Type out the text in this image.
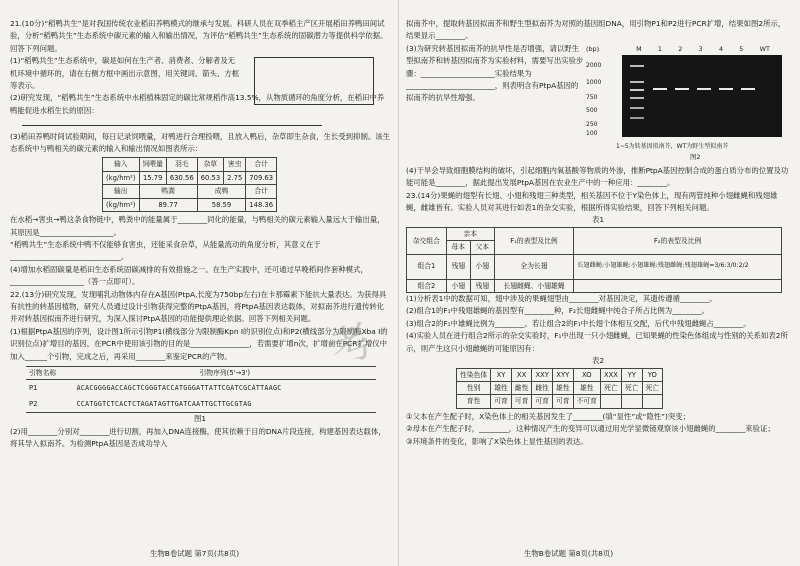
21.(10分)“稻鸭共生”是对我国传统农业稻田养鸭模式的继承与发展。科研人员在双季稻主产区开展稻田养鸭田间试验，分析“稻鸭共生”生态系统中碳元素的输入和输出情况，为评估“稻鸭共生”生态系统的固碳潜力等提供科学依据。回答下列问题。

(1)“稻鸭共生”生态系统中，碳是如何在生产者、消费者、分解者及无机环境中循环的，请在右侧方框中画出示意图，用关键词、箭头、方框等表示。

(2)研究发现，“稻鸭共生”生态系统中水稻植株固定的碳比常规稻作高13.5%，从物质循环的角度分析，在稻田中养鸭能促进水稻生长的原因：

(3)稻田养鸭时间试验期间，每日记录饲喂量，对鸭进行合理投喂，且放入鸭后，杂草即生杂食，生长受到抑制。该生态系统中与鸭相关的碳元素的输入和输出情况如图表所示：

输入	饲喂量	羽毛	杂草	害虫	合计
(kg/hm²)	15.79	630.56	60.53	2.75	709.63
输出	鸭粪		成鸭		合计
(kg/hm²)	89.77		58.59		148.36

在水稻→害虫→鸭这条食物链中，鸭粪中的能量属于________同化的能量，与鸭相关的碳元素输入量远大于输出量，其原因是____________________。

“稻鸭共生”生态系统中鸭不仅能够食害虫，还能采食杂草，从能量流动的角度分析，其意义在于______________________________。

(4)增加水稻固碳量是稻田生态系统固碳减排的有效措施之一。在生产实践中，还可通过早晚稻间作套种模式，____________________（答一点即可）。

22.(13分)研究发现，发现哺乳动物体内存在A基因(PtpA,长度为750bp左右)在卡那霉素下能抗大量表达。为获得具有抗性的转基因植物，研究人员通过设计引物获得完整的PtpA基因，将PtpA基因表达载体，对拟南芥进行遗传转化并对转基因拟南芥进行研究，为深入探讨PtpA基因的功能提供理论依据。回答下列相关问题。

(1)根据PtpA基因的序列，设计图1所示引物P1(横线部分为限制酶Kpn I的识别位点)和P2(横线部分为限制酶Xba I的识别位点)扩增目的基因，在PCR中使用该引物的目的是________________，若需要扩增n次，扩增前在PCR扩增仪中加入______个引物，完成之后，再采用________来鉴定PCR的产物。

引物名称	引物序列(5'→3')
P1	ACACGGGGACCAGCTCGGGTACCATGGGATTATTCGATCGCATTAAGC
P2	CCATGGTCTCACTCTAGATAGTTGATCAATTGCTTGCGTAG

图1

(2)用________分别对________进行切割，再加入DNA连接酶，使其依赖于目的DNA片段连接，构建基因表达载体，将其导入拟南芥。为检测PtpA基因是否成功导入

生物B卷试题 第7页(共8页)

拟南芥中，提取转基因拟南芥和野生型拟南芥为对照的基因组DNA，用引物P1和P2进行PCR扩增，结果如图2所示，结果显示________。

(3)为研究转基因拟南芥的抗旱性是否增强，请以野生型拟南芥和转基因拟南芥为实验材料，需要写出实验步骤：____________________实验结果为________________________，则表明含有PtpA基因的拟南芥的抗旱性增强。

(bp)	M	1	2	3	4	5	WT
2000
1000
750
500
250
100
1~5为转基因拟南芥，WT为野生型拟南芥
图2

(4)干旱会导致细胞膜结构的破坏，引起细胞内氧基酸等物质的外渗，推断PtpA基因控制合成的蛋白质分布的位置及功能可能是________，据此提出发展PtpA基因在农业生产中的一种应用：________。

23.(14分)果蝇的翅型有长翅、小翅和残翅三种类型，相关基因不位于Y染色体上，现有两管纯种小翅雌蝇和残翅雄蝇，雌雄皆有。实验人员对其进行如表1的杂交实验，根据所得实验结果，回答下列相关问题。

表1

杂交组合	亲本		F₁的表型及比例	F₂的表型及比例
	母本	父本		
组合1	残翅	小翅	全为长翅	长翅雌蝇:小翅雄蝇:小翅雄蝇:残翅雌蝇:残翅雄蝇=3/6:3/0:2/2
组合2	小翅	残翅	长翅雌蝇、小翅雄蝇	

(1)分析表1中的数据可知，翅中涉及的果蝇翅型由________对基因决定，其遗传遵循________。

(2)组合1的F₁中残翅雄蝇的基因型有________种，F₂长翅雌蝇中纯合子所占比例为________。

(3)组合2的F₁中雄蝇比例为________。若让组合2的F₁中长翅个体相互交配，后代中残翅雌蝇占________。

(4)实验人员在进行组合2所示的杂交实验时，F₁中出现一只小翅雌蝇，已知果蝇的性染色体组成与性别的关系如表2所示，则产生这只小翅雌蝇的可能原因有：

表2

性染色体	XY	XX	XXY	XYY	XO	XXX	YY	YO
性别	雄性	雌性	雌性	雄性	雄性	死亡	死亡	死亡
育性	可育	可育	可育	可育	不可育			

①父本在产生配子时，X染色体上的相关基因发生了________(填“显性”或“隐性”)突变；

②母本在产生配子时，________，这种情况产生的变异可以通过用光学显微镜观察该小翅雌蝇的________来验证；

③环境条件的变化，影响了X染色体上显性基因的表达。

生物B卷试题 第8页(共8页)
考
